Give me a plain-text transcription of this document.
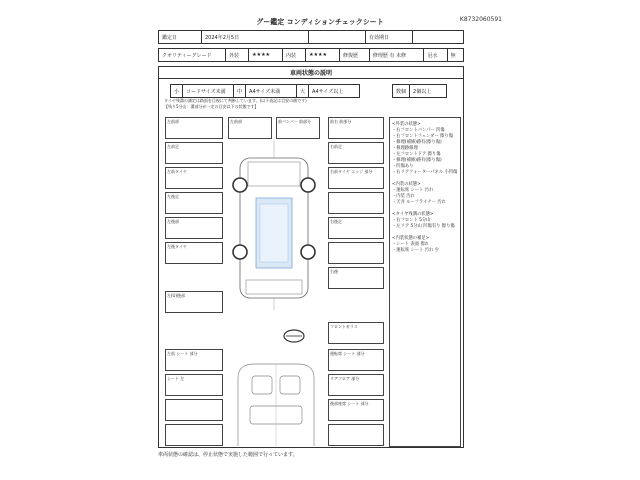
グー鑑定 コンディションチェックシート	K8732060591
鑑定日	2024年2月5日		有効期日	
クオリティーグレード	外装	★★★★	内装	★★★★	修復歴	修理歴 有 未修	冠水	無
車両状態の説明
小	コードサイズ未満	中	A4サイズ未満	大	A4サイズ以上	数個	2個以上
タイヤ残溝の測定は路面を目視にて判断しています。(以下表記は目安の値です)
【残り5分山：溝部分が一定の目安以下の状態です】
左前部
左前足
左前タイヤ
左後足
左後部
左後タイヤ
左(U)後部
左前部	前バンパー 前部分	前右 前部分
右前足
右前タイヤ エッジ 部分
右後足
右後
<外装の状態>
・右フロントバンパー 凹傷
・右フロントフェンダー 擦り傷
・修理(補修)跡有(擦り傷)
・修理跡修理
・左フロントドア 擦り傷
・修理(補修)跡有(擦り傷)
・凹傷あり
・右リアクォーターパネル 小凹傷
<内装の状態>
・運転席 シート 汚れ
・内装 汚れ
・天井 ルーフライナー 汚れ
<タイヤ残溝の状態>
・右フロント 5分山
・左リア 5分山 凹傷有り 擦り傷
<内装状態の補足>
・シート 表面 擦れ
・運転席 シート 汚れ 少
フロントガラス
左前 シート 部分
シート 左
運転席 シート 部分
リアフロア 部分
後部座席 シート 部分
車両状態の確認は、停止状態で実施した範囲で行っています。
